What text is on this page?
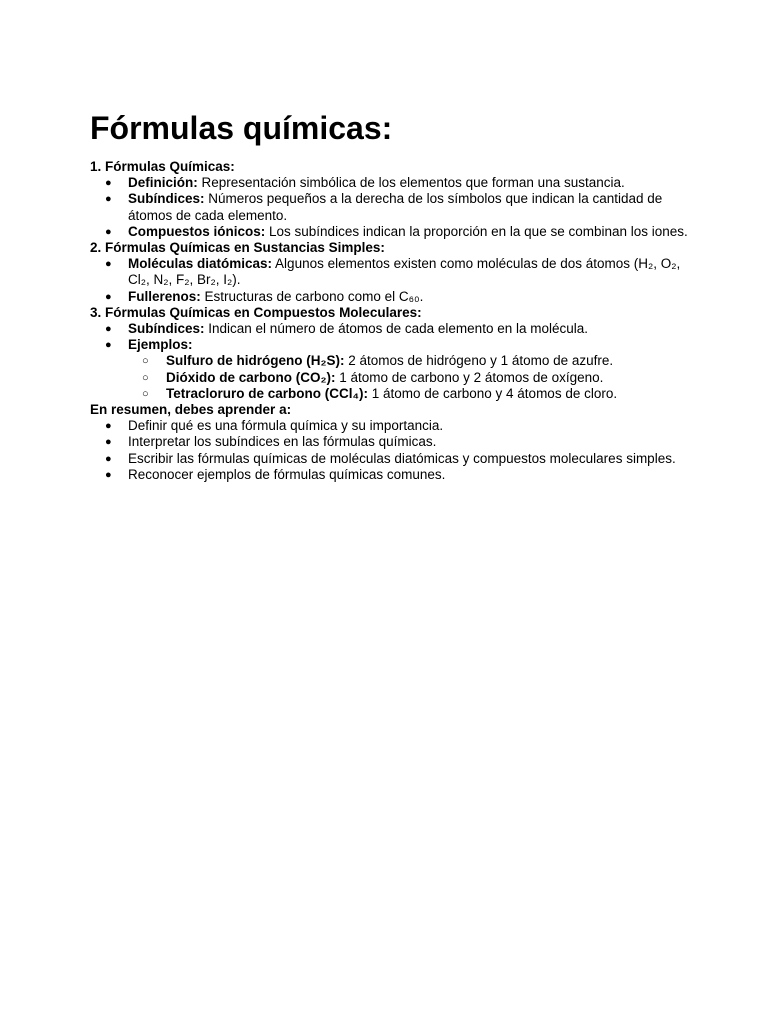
Fórmulas químicas:
1. Fórmulas Químicas:
● Definición: Representación simbólica de los elementos que forman una sustancia.
● Subíndices: Números pequeños a la derecha de los símbolos que indican la cantidad de átomos de cada elemento.
● Compuestos iónicos: Los subíndices indican la proporción en la que se combinan los iones.
2. Fórmulas Químicas en Sustancias Simples:
● Moléculas diatómicas: Algunos elementos existen como moléculas de dos átomos (H₂, O₂, Cl₂, N₂, F₂, Br₂, I₂).
● Fullerenos: Estructuras de carbono como el C₆₀.
3. Fórmulas Químicas en Compuestos Moleculares:
● Subíndices: Indican el número de átomos de cada elemento en la molécula.
● Ejemplos:
○ Sulfuro de hidrógeno (H₂S): 2 átomos de hidrógeno y 1 átomo de azufre.
○ Dióxido de carbono (CO₂): 1 átomo de carbono y 2 átomos de oxígeno.
○ Tetracloruro de carbono (CCl₄): 1 átomo de carbono y 4 átomos de cloro.
En resumen, debes aprender a:
● Definir qué es una fórmula química y su importancia.
● Interpretar los subíndices en las fórmulas químicas.
● Escribir las fórmulas químicas de moléculas diatómicas y compuestos moleculares simples.
● Reconocer ejemplos de fórmulas químicas comunes.
